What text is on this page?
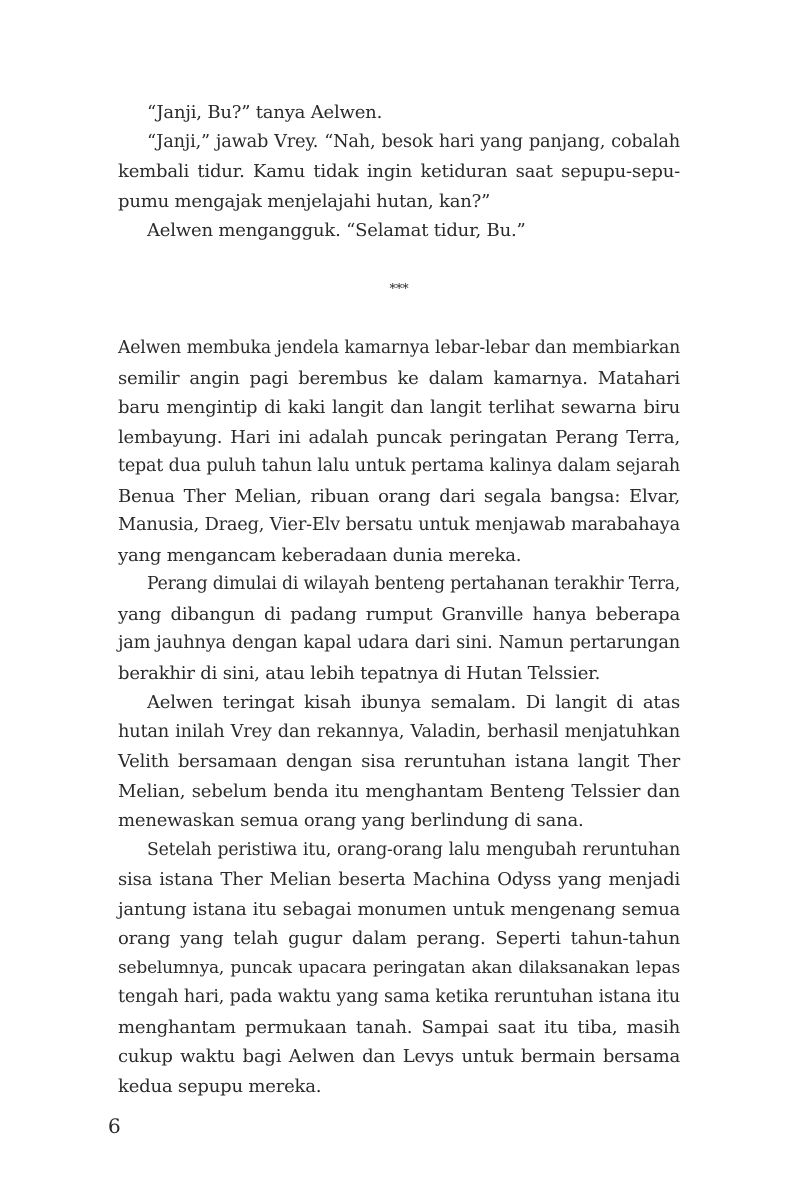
“Janji, Bu?” tanya Aelwen.
“Janji,” jawab Vrey. “Nah, besok hari yang panjang, cobalah
kembali tidur. Kamu tidak ingin ketiduran saat sepupu-sepu-
pumu mengajak menjelajahi hutan, kan?”
Aelwen mengangguk. “Selamat tidur, Bu.”
***
Aelwen membuka jendela kamarnya lebar-lebar dan membiarkan
semilir angin pagi berembus ke dalam kamarnya. Matahari
baru mengintip di kaki langit dan langit terlihat sewarna biru
lembayung. Hari ini adalah puncak peringatan Perang Terra,
tepat dua puluh tahun lalu untuk pertama kalinya dalam sejarah
Benua Ther Melian, ribuan orang dari segala bangsa: Elvar,
Manusia, Draeg, Vier-Elv bersatu untuk menjawab marabahaya
yang mengancam keberadaan dunia mereka.
Perang dimulai di wilayah benteng pertahanan terakhir Terra,
yang dibangun di padang rumput Granville hanya beberapa
jam jauhnya dengan kapal udara dari sini. Namun pertarungan
berakhir di sini, atau lebih tepatnya di Hutan Telssier.
Aelwen teringat kisah ibunya semalam. Di langit di atas
hutan inilah Vrey dan rekannya, Valadin, berhasil menjatuhkan
Velith bersamaan dengan sisa reruntuhan istana langit Ther
Melian, sebelum benda itu menghantam Benteng Telssier dan
menewaskan semua orang yang berlindung di sana.
Setelah peristiwa itu, orang-orang lalu mengubah reruntuhan
sisa istana Ther Melian beserta Machina Odyss yang menjadi
jantung istana itu sebagai monumen untuk mengenang semua
orang yang telah gugur dalam perang. Seperti tahun-tahun
sebelumnya, puncak upacara peringatan akan dilaksanakan lepas
tengah hari, pada waktu yang sama ketika reruntuhan istana itu
menghantam permukaan tanah. Sampai saat itu tiba, masih
cukup waktu bagi Aelwen dan Levys untuk bermain bersama
kedua sepupu mereka.
6
